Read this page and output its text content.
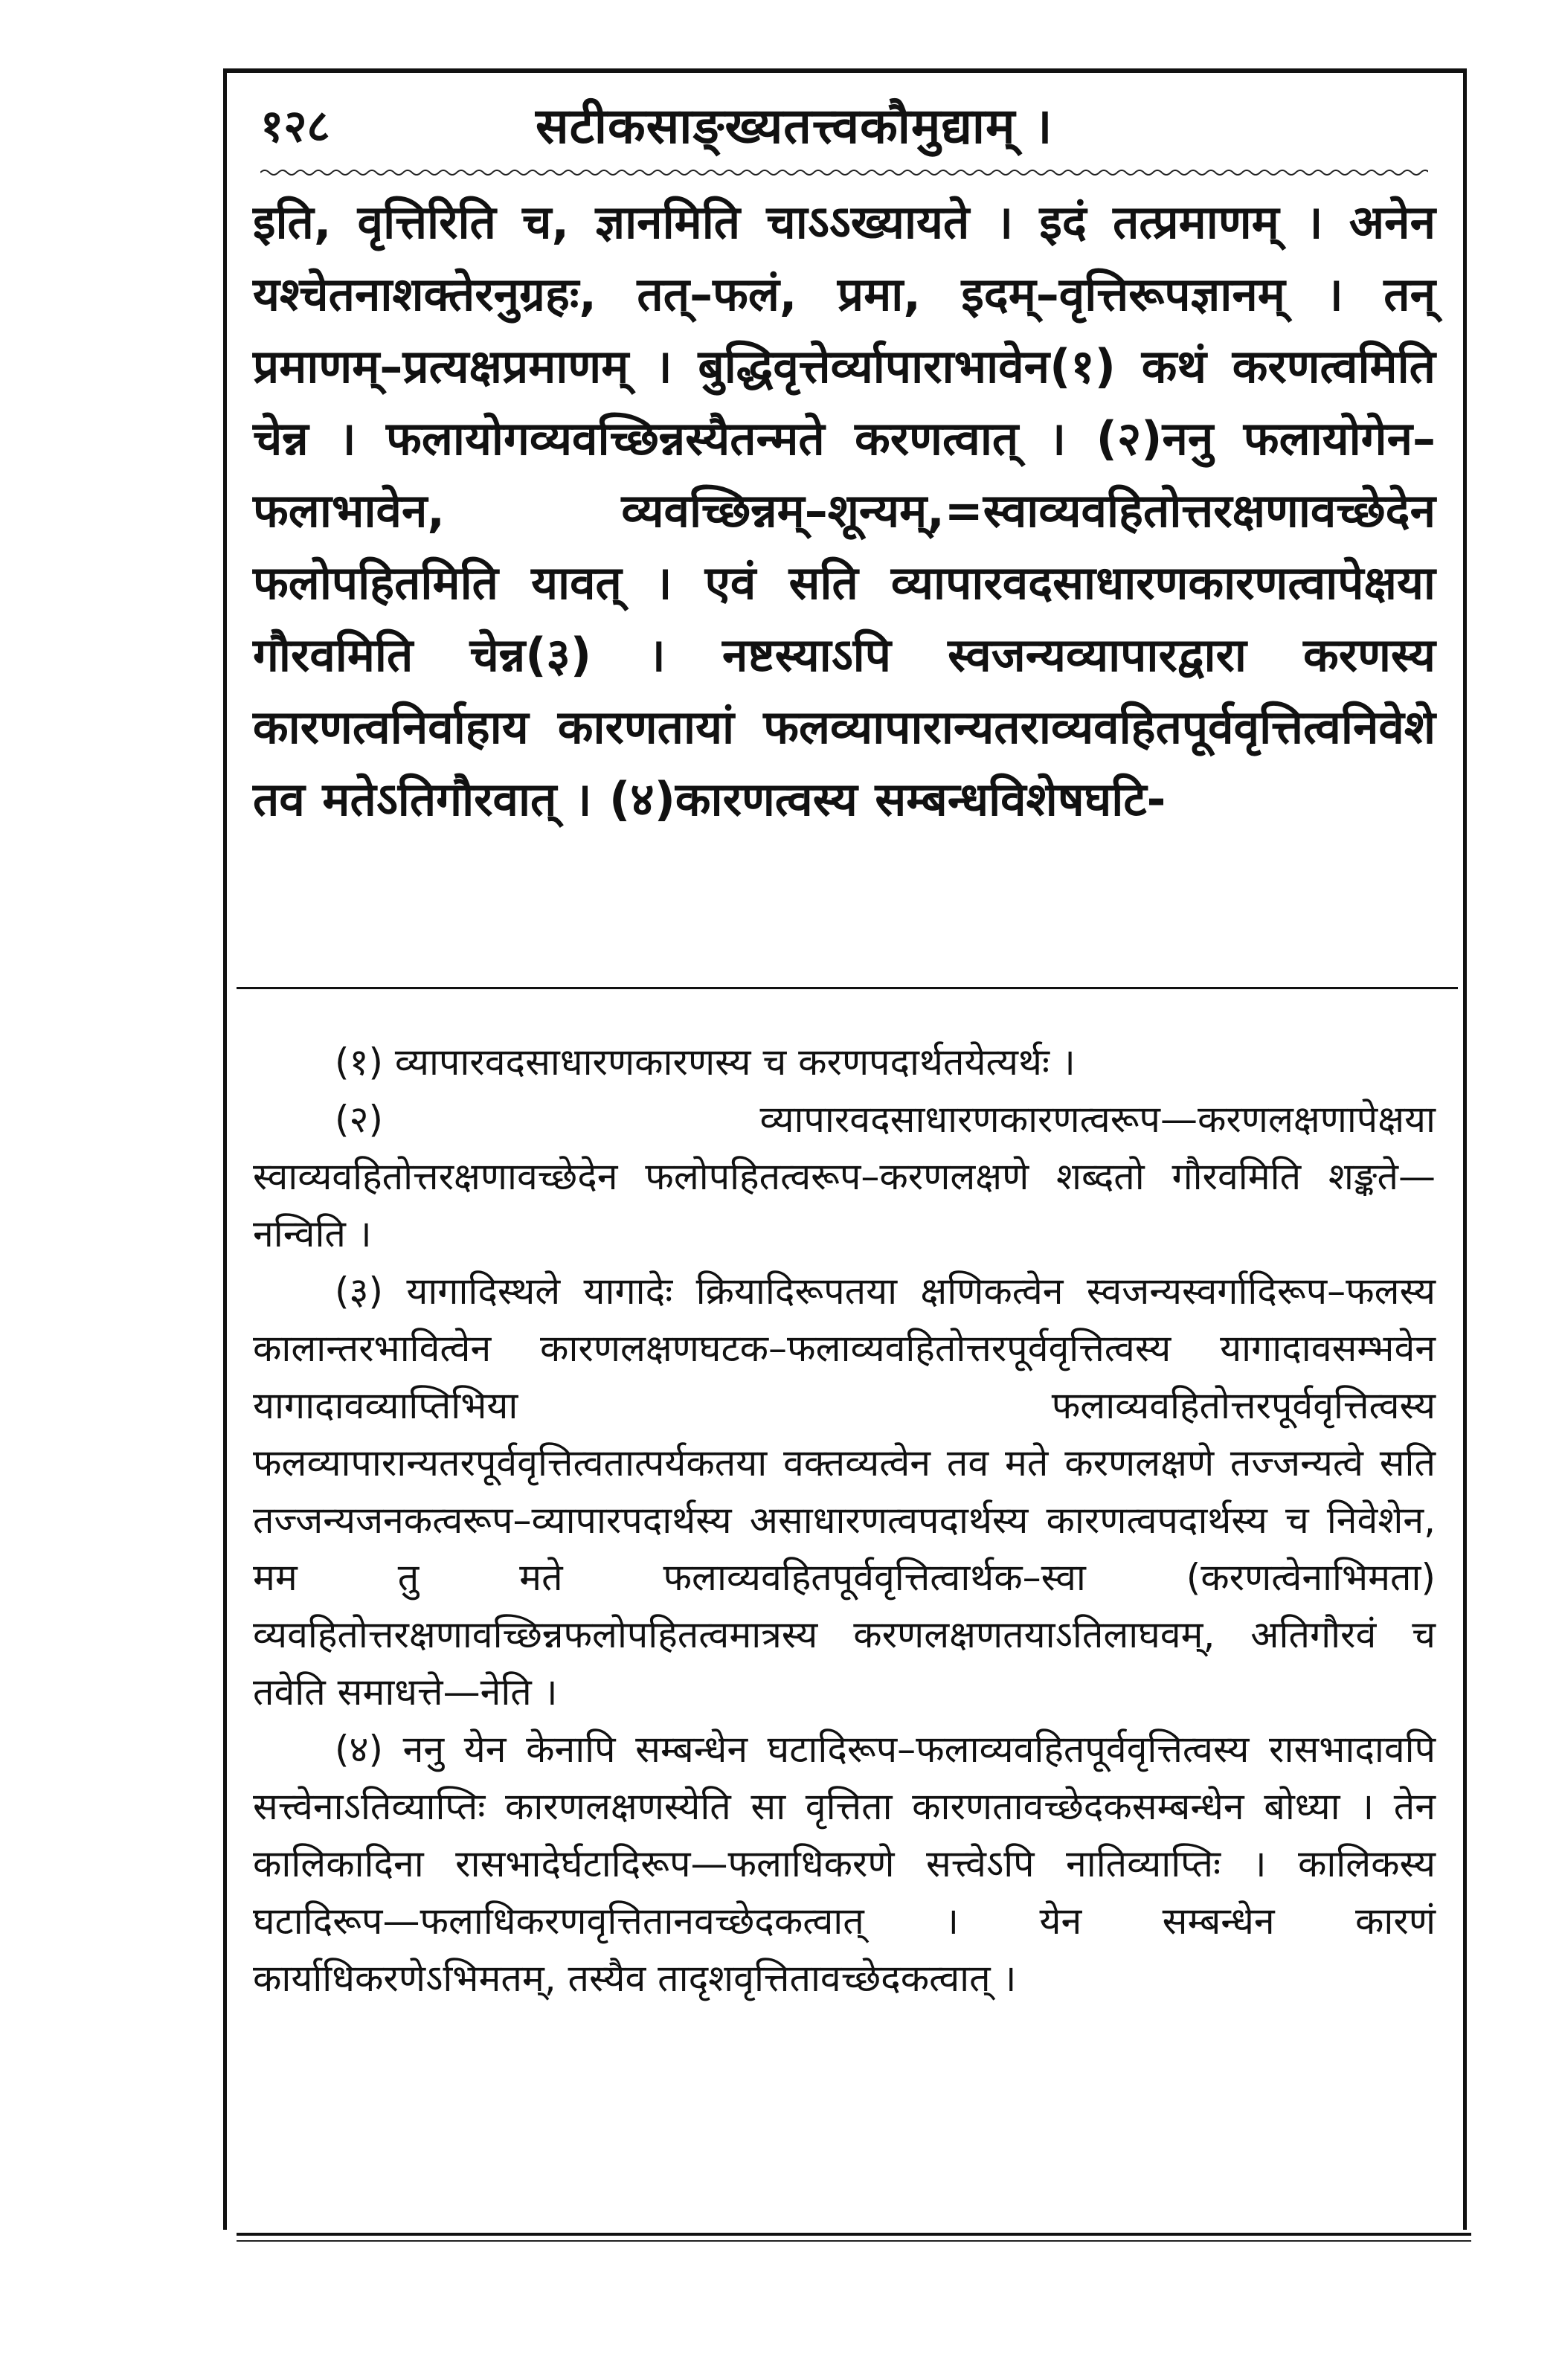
१२८	सटीकसाङ्ख्यतत्त्वकौमुद्याम् ।

इति, वृत्तिरिति च, ज्ञानमिति चाऽऽख्यायते । इदं तत्प्रमाणम् । अनेन यश्चेतनाशक्तेरनुग्रहः, तत्–फलं, प्रमा, इदम्–वृत्तिरूपज्ञानम् । तन् प्रमाणम्–प्रत्यक्षप्रमाणम् । बुद्धिवृत्तेर्व्यापाराभावेन(१) कथं करणत्वमिति चेन्न । फलायोगव्यवच्छिन्नस्यैतन्मते करणत्वात् । (२)ननु फलायोगेन–फलाभावेन, व्यवच्छिन्नम्–शून्यम्,=स्वाव्यवहितोत्तरक्षणावच्छेदेन फलोपहितमिति यावत् । एवं सति व्यापारवदसाधारणकारणत्वापेक्षया गौरवमिति चेन्न(३) । नष्टस्याऽपि स्वजन्यव्यापारद्वारा करणस्य कारणत्वनिर्वाहाय कारणतायां फलव्यापारान्यतराव्यवहितपूर्ववृत्तित्वनिवेशे तव मतेऽतिगौरवात् । (४)कारणत्वस्य सम्बन्धविशेषघटि-

(१) व्यापारवदसाधारणकारणस्य च करणपदार्थतयेत्यर्थः ।

(२) व्यापारवदसाधारणकारणत्वरूप—करणलक्षणापेक्षया स्वाव्यवहितोत्तरक्षणावच्छेदेन फलोपहितत्वरूप–करणलक्षणे शब्दतो गौरवमिति शङ्कते—नन्विति ।

(३) यागादिस्थले यागादेः क्रियादिरूपतया क्षणिकत्वेन स्वजन्यस्वर्गादिरूप–फलस्य कालान्तरभावित्वेन कारणलक्षणघटक–फलाव्यवहितोत्तरपूर्ववृत्तित्वस्य यागादावसम्भवेन यागादावव्याप्तिभिया फलाव्यवहितोत्तरपूर्ववृत्तित्वस्य फलव्यापारान्यतरपूर्ववृत्तित्वतात्पर्यकतया वक्तव्यत्वेन तव मते करणलक्षणे तज्जन्यत्वे सति तज्जन्यजनकत्वरूप–व्यापारपदार्थस्य असाधारणत्वपदार्थस्य कारणत्वपदार्थस्य च निवेशेन, मम तु मते फलाव्यवहितपूर्ववृत्तित्वार्थक–स्वा (करणत्वेनाभिमता) व्यवहितोत्तरक्षणावच्छिन्नफलोपहितत्वमात्रस्य करणलक्षणतयाऽतिलाघवम्, अतिगौरवं च तवेति समाधत्ते—नेति ।

(४) ननु येन केनापि सम्बन्धेन घटादिरूप–फलाव्यवहितपूर्ववृत्तित्वस्य रासभादावपि सत्त्वेनाऽतिव्याप्तिः कारणलक्षणस्येति सा वृत्तिता कारणतावच्छेदकसम्बन्धेन बोध्या । तेन कालिकादिना रासभादेर्घटादिरूप—फलाधिकरणे सत्त्वेऽपि नातिव्याप्तिः । कालिकस्य घटादिरूप—फलाधिकरणवृत्तितानवच्छेदकत्वात् । येन सम्बन्धेन कारणं कार्याधिकरणेऽभिमतम्, तस्यैव तादृशवृत्तितावच्छेदकत्वात् ।
